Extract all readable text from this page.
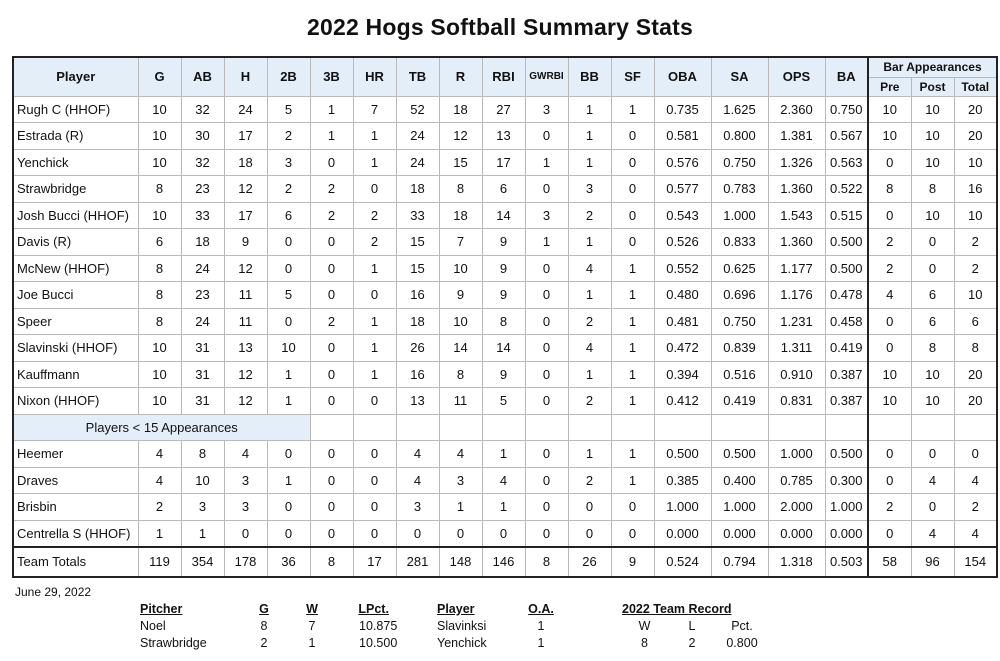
2022 Hogs Softball Summary Stats
Player	G	AB	H	2B	3B	HR	TB	R	RBI	GWRBI	BB	SF	OBA	SA	OPS	BA	Bar Appearances		
																	Pre	Post	Total
Rugh C (HHOF)	10	32	24	5	1	7	52	18	27	3	1	1	0.735	1.625	2.360	0.750	10	10	20
Estrada (R)	10	30	17	2	1	1	24	12	13	0	1	0	0.581	0.800	1.381	0.567	10	10	20
Yenchick	10	32	18	3	0	1	24	15	17	1	1	0	0.576	0.750	1.326	0.563	0	10	10
Strawbridge	8	23	12	2	2	0	18	8	6	0	3	0	0.577	0.783	1.360	0.522	8	8	16
Josh Bucci (HHOF)	10	33	17	6	2	2	33	18	14	3	2	0	0.543	1.000	1.543	0.515	0	10	10
Davis (R)	6	18	9	0	0	2	15	7	9	1	1	0	0.526	0.833	1.360	0.500	2	0	2
McNew (HHOF)	8	24	12	0	0	1	15	10	9	0	4	1	0.552	0.625	1.177	0.500	2	0	2
Joe Bucci	8	23	11	5	0	0	16	9	9	0	1	1	0.480	0.696	1.176	0.478	4	6	10
Speer	8	24	11	0	2	1	18	10	8	0	2	1	0.481	0.750	1.231	0.458	0	6	6
Slavinski (HHOF)	10	31	13	10	0	1	26	14	14	0	4	1	0.472	0.839	1.311	0.419	0	8	8
Kauffmann	10	31	12	1	0	1	16	8	9	0	1	1	0.394	0.516	0.910	0.387	10	10	20
Nixon (HHOF)	10	31	12	1	0	0	13	11	5	0	2	1	0.412	0.419	0.831	0.387	10	10	20
Players < 15 Appearances																			
Heemer	4	8	4	0	0	0	4	4	1	0	1	1	0.500	0.500	1.000	0.500	0	0	0
Draves	4	10	3	1	0	0	4	3	4	0	2	1	0.385	0.400	0.785	0.300	0	4	4
Brisbin	2	3	3	0	0	0	3	1	1	0	0	0	1.000	1.000	2.000	1.000	2	0	2
Centrella S (HHOF)	1	1	0	0	0	0	0	0	0	0	0	0	0.000	0.000	0.000	0.000	0	4	4
Team Totals	119	354	178	36	8	17	281	148	146	8	26	9	0.524	0.794	1.318	0.503	58	96	154
June 29, 2022
Pitcher	G	W	L Pct.
Noel	8	7	1 0.875
Strawbridge	2	1	1 0.500
Player	O.A.
Slavinksi	1
Yenchick	1
2022 Team Record
W	L	Pct.
8	2	0.800
